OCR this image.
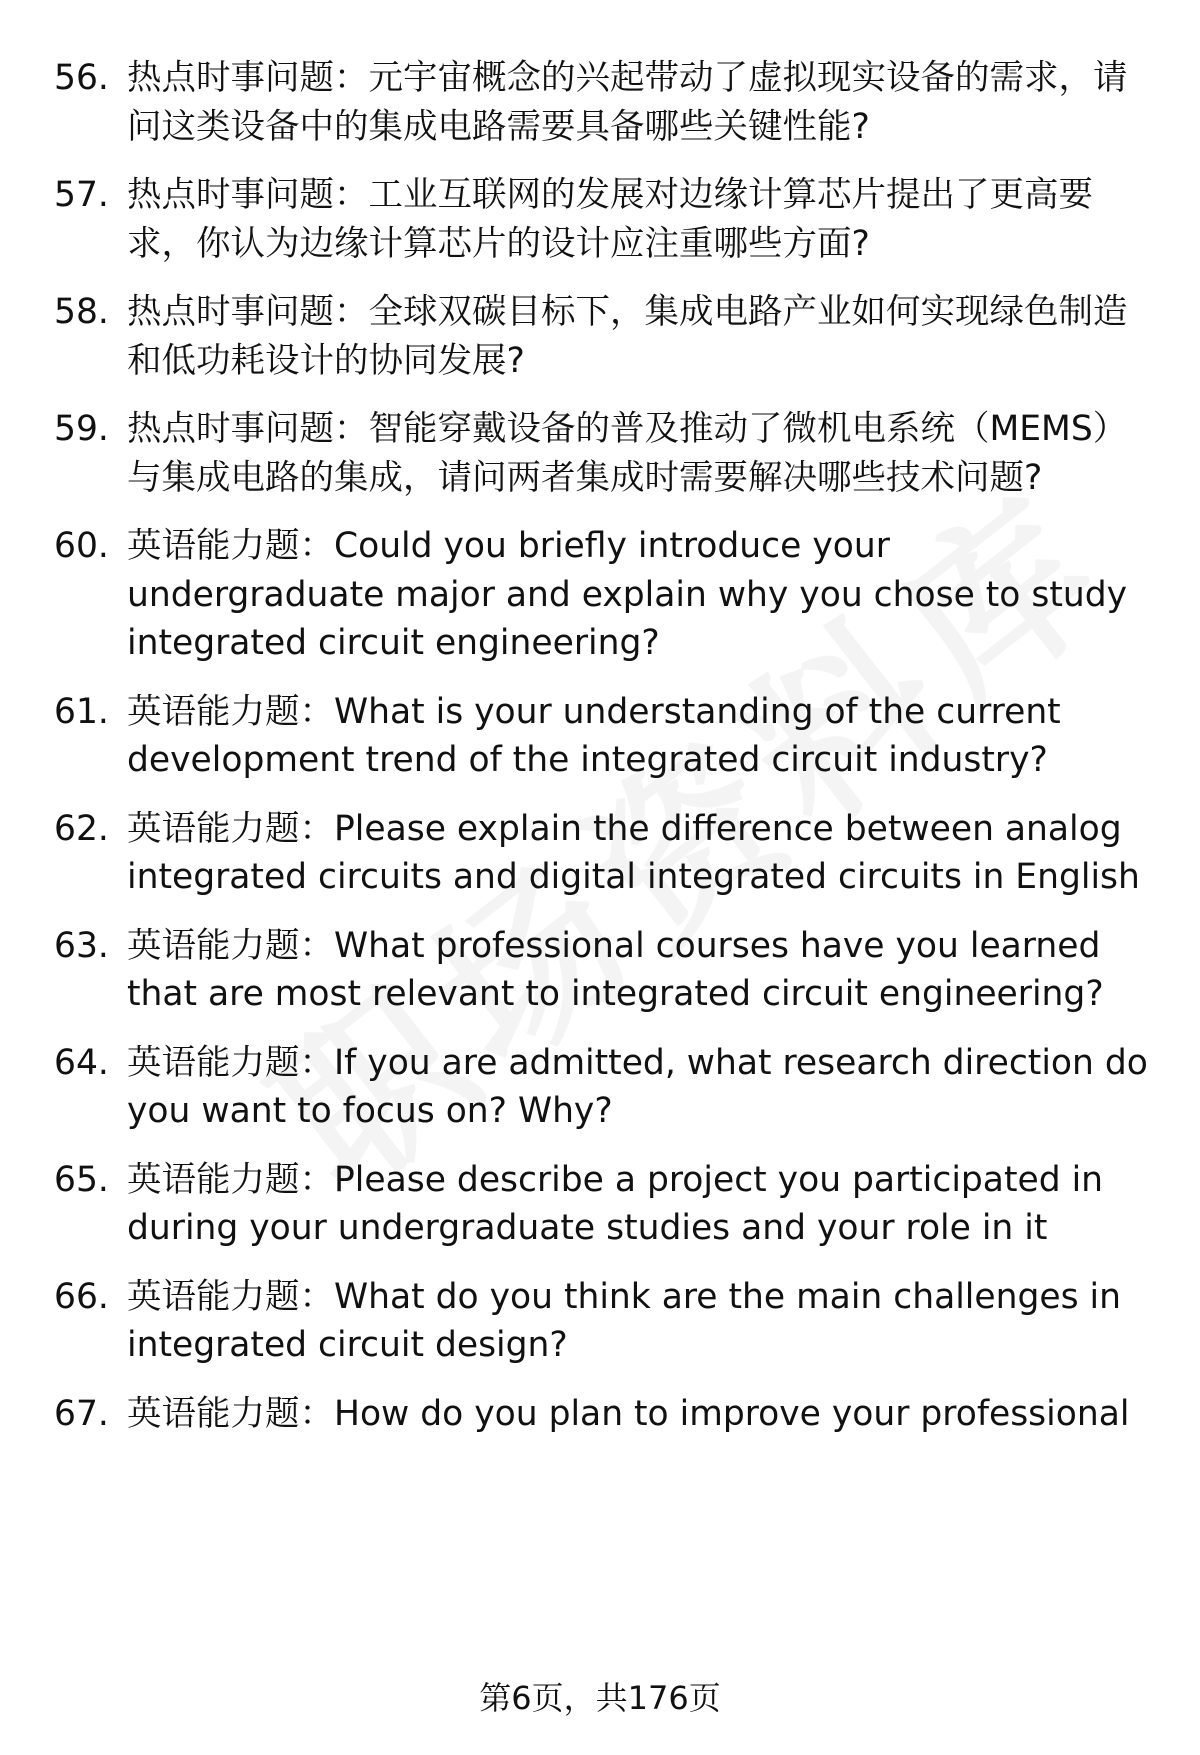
56. 热点时事问题：元宇宙概念的兴起带动了虚拟现实设备的需求，请问这类设备中的集成电路需要具备哪些关键性能?
57. 热点时事问题：工业互联网的发展对边缘计算芯片提出了更高要求，你认为边缘计算芯片的设计应注重哪些方面?
58. 热点时事问题：全球双碳目标下，集成电路产业如何实现绿色制造和低功耗设计的协同发展?
59. 热点时事问题：智能穿戴设备的普及推动了微机电系统（MEMS）与集成电路的集成，请问两者集成时需要解决哪些技术问题?
60. 英语能力题：Could you briefly introduce your undergraduate major and explain why you chose to study integrated circuit engineering?
61. 英语能力题：What is your understanding of the current development trend of the integrated circuit industry?
62. 英语能力题：Please explain the difference between analog integrated circuits and digital integrated circuits in English
63. 英语能力题：What professional courses have you learned that are most relevant to integrated circuit engineering?
64. 英语能力题：If you are admitted, what research direction do you want to focus on? Why?
65. 英语能力题：Please describe a project you participated in during your undergraduate studies and your role in it
66. 英语能力题：What do you think are the main challenges in integrated circuit design?
67. 英语能力题：How do you plan to improve your professional
第6页，共176页
